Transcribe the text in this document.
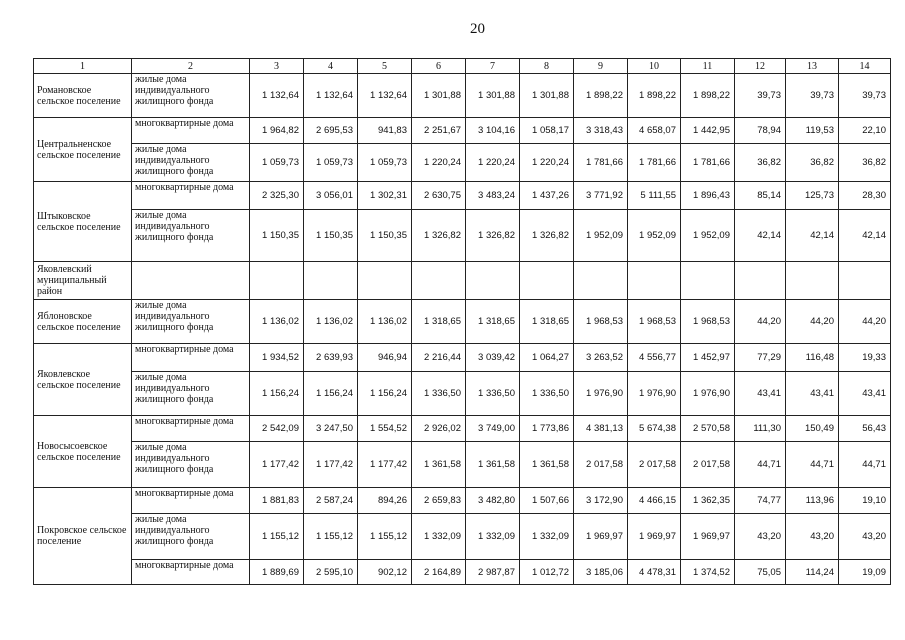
20
1	2	3	4	5	6	7	8	9	10	11	12	13	14
Романовское сельское поселение	жилые дома индивидуального жилищного фонда	1 132,64	1 132,64	1 132,64	1 301,88	1 301,88	1 301,88	1 898,22	1 898,22	1 898,22	39,73	39,73	39,73
Центральненское сельское поселение	многоквартирные дома	1 964,82	2 695,53	941,83	2 251,67	3 104,16	1 058,17	3 318,43	4 658,07	1 442,95	78,94	119,53	22,10
	жилые дома индивидуального жилищного фонда	1 059,73	1 059,73	1 059,73	1 220,24	1 220,24	1 220,24	1 781,66	1 781,66	1 781,66	36,82	36,82	36,82
Штыковское сельское поселение	многоквартирные дома	2 325,30	3 056,01	1 302,31	2 630,75	3 483,24	1 437,26	3 771,92	5 111,55	1 896,43	85,14	125,73	28,30
	жилые дома индивидуального жилищного фонда	1 150,35	1 150,35	1 150,35	1 326,82	1 326,82	1 326,82	1 952,09	1 952,09	1 952,09	42,14	42,14	42,14
Яковлевский муниципальный район													
Яблоновское сельское поселение	жилые дома индивидуального жилищного фонда	1 136,02	1 136,02	1 136,02	1 318,65	1 318,65	1 318,65	1 968,53	1 968,53	1 968,53	44,20	44,20	44,20
Яковлевское сельское поселение	многоквартирные дома	1 934,52	2 639,93	946,94	2 216,44	3 039,42	1 064,27	3 263,52	4 556,77	1 452,97	77,29	116,48	19,33
	жилые дома индивидуального жилищного фонда	1 156,24	1 156,24	1 156,24	1 336,50	1 336,50	1 336,50	1 976,90	1 976,90	1 976,90	43,41	43,41	43,41
Новосысоевское сельское поселение	многоквартирные дома	2 542,09	3 247,50	1 554,52	2 926,02	3 749,00	1 773,86	4 381,13	5 674,38	2 570,58	111,30	150,49	56,43
	жилые дома индивидуального жилищного фонда	1 177,42	1 177,42	1 177,42	1 361,58	1 361,58	1 361,58	2 017,58	2 017,58	2 017,58	44,71	44,71	44,71
Покровское сельское поселение	многоквартирные дома	1 881,83	2 587,24	894,26	2 659,83	3 482,80	1 507,66	3 172,90	4 466,15	1 362,35	74,77	113,96	19,10
	жилые дома индивидуального жилищного фонда	1 155,12	1 155,12	1 155,12	1 332,09	1 332,09	1 332,09	1 969,97	1 969,97	1 969,97	43,20	43,20	43,20
	многоквартирные дома	1 889,69	2 595,10	902,12	2 164,89	2 987,87	1 012,72	3 185,06	4 478,31	1 374,52	75,05	114,24	19,09
